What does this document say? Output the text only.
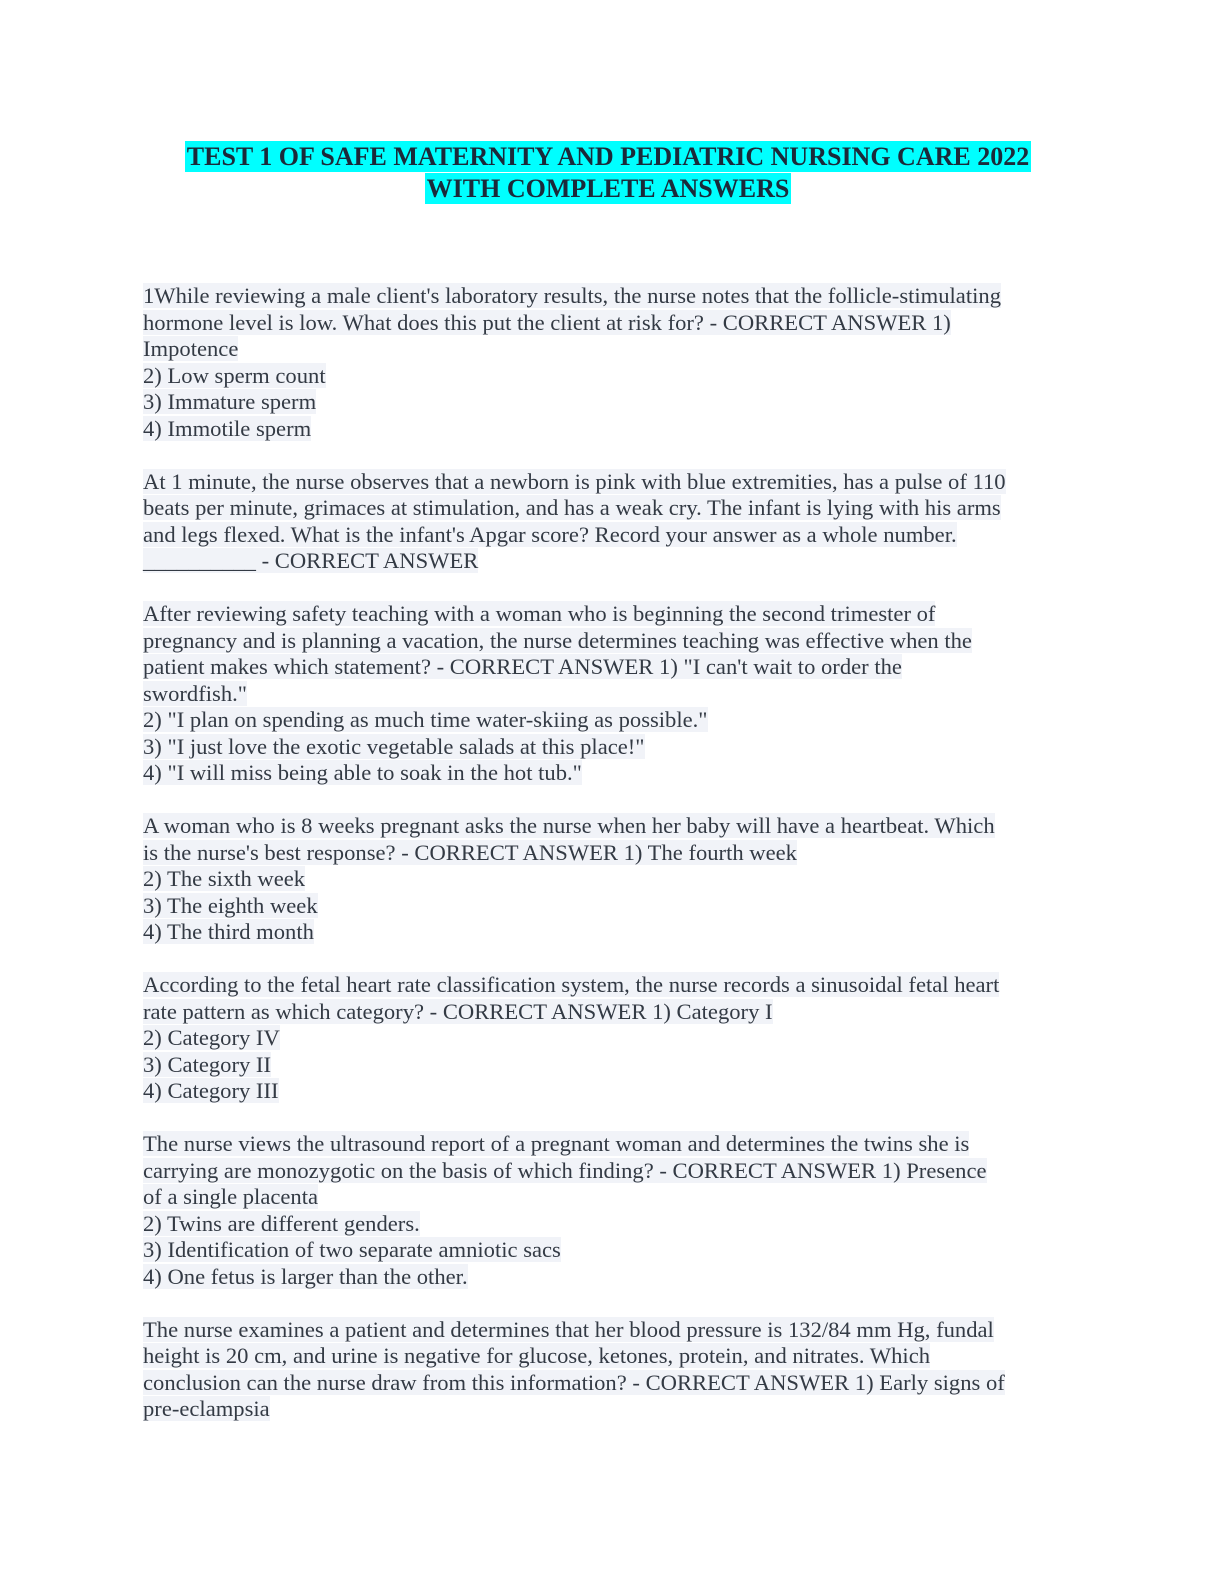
TEST 1 OF SAFE MATERNITY AND PEDIATRIC NURSING CARE 2022
WITH COMPLETE ANSWERS
1While reviewing a male client's laboratory results, the nurse notes that the follicle-stimulating
hormone level is low. What does this put the client at risk for? - CORRECT ANSWER 1)
Impotence
2) Low sperm count
3) Immature sperm
4) Immotile sperm
At 1 minute, the nurse observes that a newborn is pink with blue extremities, has a pulse of 110
beats per minute, grimaces at stimulation, and has a weak cry. The infant is lying with his arms
and legs flexed. What is the infant's Apgar score? Record your answer as a whole number.
__________ - CORRECT ANSWER
After reviewing safety teaching with a woman who is beginning the second trimester of
pregnancy and is planning a vacation, the nurse determines teaching was effective when the
patient makes which statement? - CORRECT ANSWER 1) "I can't wait to order the
swordfish."
2) "I plan on spending as much time water-skiing as possible."
3) "I just love the exotic vegetable salads at this place!"
4) "I will miss being able to soak in the hot tub."
A woman who is 8 weeks pregnant asks the nurse when her baby will have a heartbeat. Which
is the nurse's best response? - CORRECT ANSWER 1) The fourth week
2) The sixth week
3) The eighth week
4) The third month
According to the fetal heart rate classification system, the nurse records a sinusoidal fetal heart
rate pattern as which category? - CORRECT ANSWER 1) Category I
2) Category IV
3) Category II
4) Category III
The nurse views the ultrasound report of a pregnant woman and determines the twins she is
carrying are monozygotic on the basis of which finding? - CORRECT ANSWER 1) Presence
of a single placenta
2) Twins are different genders.
3) Identification of two separate amniotic sacs
4) One fetus is larger than the other.
The nurse examines a patient and determines that her blood pressure is 132/84 mm Hg, fundal
height is 20 cm, and urine is negative for glucose, ketones, protein, and nitrates. Which
conclusion can the nurse draw from this information? - CORRECT ANSWER 1) Early signs of
pre-eclampsia
